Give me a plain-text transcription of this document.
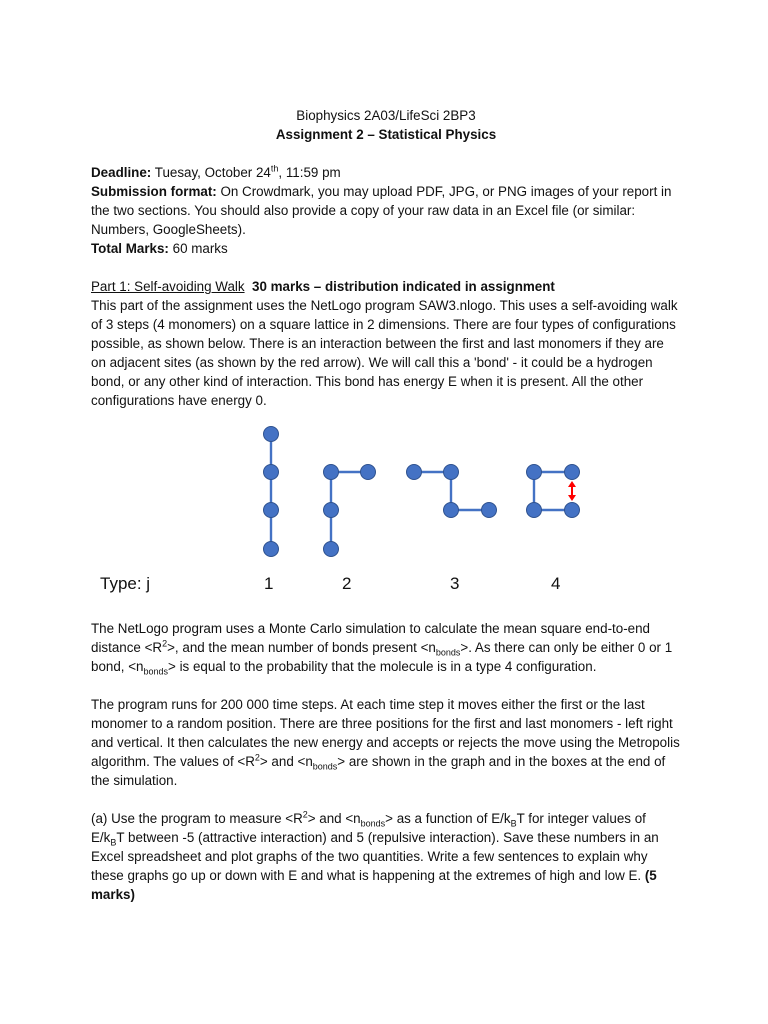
Biophysics 2A03/LifeSci 2BP3

Assignment 2 – Statistical Physics

Deadline: Tuesay, October 24th, 11:59 pm

Submission format: On Crowdmark, you may upload PDF, JPG, or PNG images of your report in the two sections. You should also provide a copy of your raw data in an Excel file (or similar: Numbers, GoogleSheets).

Total Marks: 60 marks

Part 1: Self-avoiding Walk 30 marks – distribution indicated in assignment

This part of the assignment uses the NetLogo program SAW3.nlogo. This uses a self-avoiding walk of 3 steps (4 monomers) on a square lattice in 2 dimensions. There are four types of configurations possible, as shown below. There is an interaction between the first and last monomers if they are on adjacent sites (as shown by the red arrow). We will call this a 'bond' - it could be a hydrogen bond, or any other kind of interaction. This bond has energy E when it is present. All the other configurations have energy 0.

Type: j	1	2	3	4

The NetLogo program uses a Monte Carlo simulation to calculate the mean square end-to-end distance $<R^2>$, and the mean number of bonds present $<n_{bonds}>$. As there can only be either 0 or 1 bond, $<n_{bonds}>$ is equal to the probability that the molecule is in a type 4 configuration.

The program runs for 200 000 time steps. At each time step it moves either the first or the last monomer to a random position. There are three positions for the first and last monomers - left right and vertical. It then calculates the new energy and accepts or rejects the move using the Metropolis algorithm. The values of $<R^2>$ and $<n_{bonds}>$ are shown in the graph and in the boxes at the end of the simulation.

(a) Use the program to measure $<R^2>$ and $<n_{bonds}>$ as a function of $E/k_BT$ for integer values of $E/k_BT$ between -5 (attractive interaction) and 5 (repulsive interaction). Save these numbers in an Excel spreadsheet and plot graphs of the two quantities. Write a few sentences to explain why these graphs go up or down with E and what is happening at the extremes of high and low E. (5 marks)
